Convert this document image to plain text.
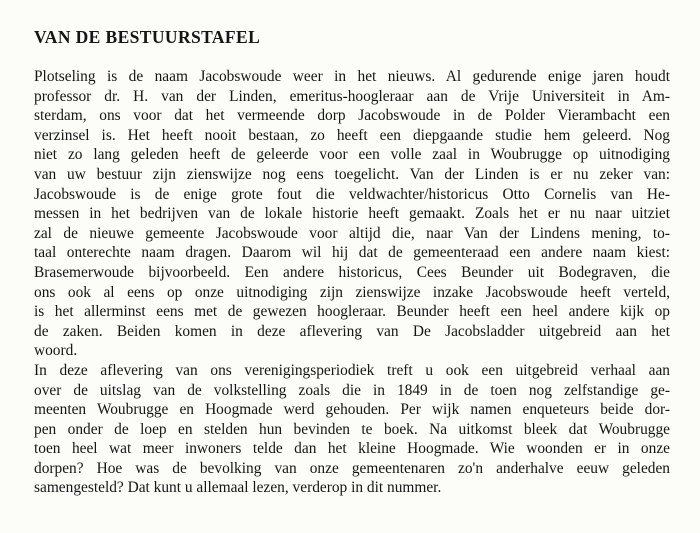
VAN DE BESTUURSTAFEL
Plotseling is de naam Jacobswoude weer in het nieuws. Al gedurende enige jaren houdt
professor dr. H. van der Linden, emeritus-hoogleraar aan de Vrije Universiteit in Am-
sterdam, ons voor dat het vermeende dorp Jacobswoude in de Polder Vierambacht een
verzinsel is. Het heeft nooit bestaan, zo heeft een diepgaande studie hem geleerd. Nog
niet zo lang geleden heeft de geleerde voor een volle zaal in Woubrugge op uitnodiging
van uw bestuur zijn zienswijze nog eens toegelicht. Van der Linden is er nu zeker van:
Jacobswoude is de enige grote fout die veldwachter/historicus Otto Cornelis van He-
messen in het bedrijven van de lokale historie heeft gemaakt. Zoals het er nu naar uitziet
zal de nieuwe gemeente Jacobswoude voor altijd die, naar Van der Lindens mening, to-
taal onterechte naam dragen. Daarom wil hij dat de gemeenteraad een andere naam kiest:
Brasemerwoude bijvoorbeeld. Een andere historicus, Cees Beunder uit Bodegraven, die
ons ook al eens op onze uitnodiging zijn zienswijze inzake Jacobswoude heeft verteld,
is het allerminst eens met de gewezen hoogleraar. Beunder heeft een heel andere kijk op
de zaken. Beiden komen in deze aflevering van De Jacobsladder uitgebreid aan het
woord.
In deze aflevering van ons verenigingsperiodiek treft u ook een uitgebreid verhaal aan
over de uitslag van de volkstelling zoals die in 1849 in de toen nog zelfstandige ge-
meenten Woubrugge en Hoogmade werd gehouden. Per wijk namen enqueteurs beide dor-
pen onder de loep en stelden hun bevinden te boek. Na uitkomst bleek dat Woubrugge
toen heel wat meer inwoners telde dan het kleine Hoogmade. Wie woonden er in onze
dorpen? Hoe was de bevolking van onze gemeentenaren zo'n anderhalve eeuw geleden
samengesteld? Dat kunt u allemaal lezen, verderop in dit nummer.
